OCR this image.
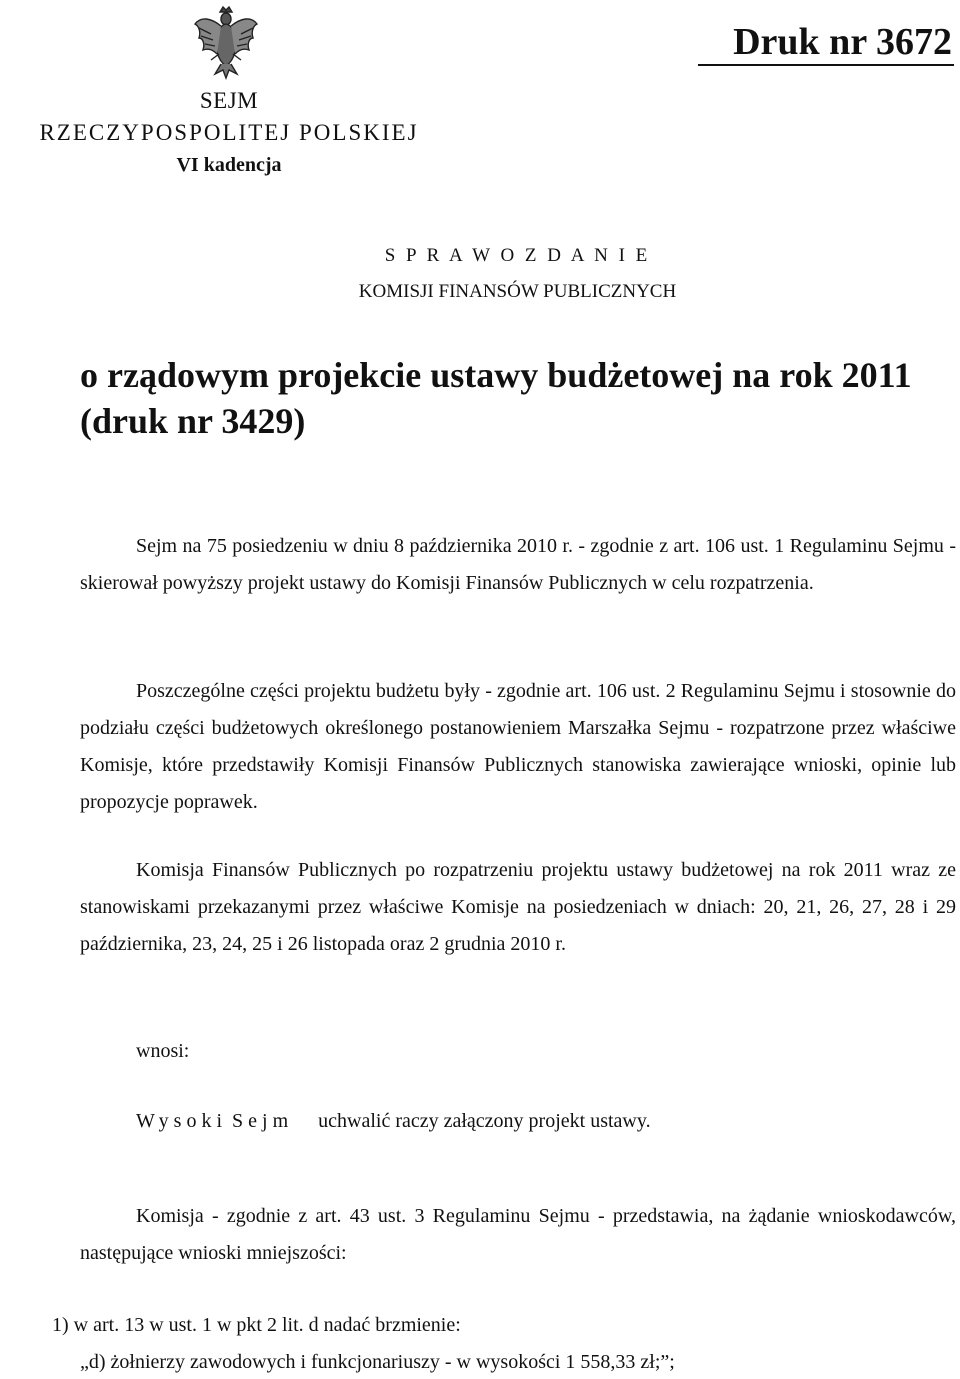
Druk nr 3672
SEJM
RZECZYPOSPOLITEJ POLSKIEJ
VI kadencja
S P R A W O Z D A N I E
KOMISJI FINANSÓW PUBLICZNYCH
o rządowym projekcie ustawy budżetowej na rok 2011 (druk nr 3429)

Sejm na 75 posiedzeniu w dniu 8 października 2010 r. - zgodnie z art. 106 ust. 1 Regulaminu Sejmu - skierował powyższy projekt ustawy do Komisji Finansów Publicznych w celu rozpatrzenia.

Poszczególne części projektu budżetu były - zgodnie art. 106 ust. 2 Regulaminu Sejmu i stosownie do podziału części budżetowych określonego postanowieniem Marszałka Sejmu - rozpatrzone przez właściwe Komisje, które przedstawiły Komisji Finansów Publicznych stanowiska zawierające wnioski, opinie lub propozycje poprawek.

Komisja Finansów Publicznych po rozpatrzeniu projektu ustawy budżetowej na rok 2011 wraz ze stanowiskami przekazanymi przez właściwe Komisje na posiedzeniach w dniach: 20, 21, 26, 27, 28 i 29 października, 23, 24, 25 i 26 listopada oraz 2 grudnia 2010 r.

wnosi:
Wysoki Sejm uchwalić raczy załączony projekt ustawy.

Komisja - zgodnie z art. 43 ust. 3 Regulaminu Sejmu - przedstawia, na żądanie wnioskodawców, następujące wnioski mniejszości:

1) w art. 13 w ust. 1 w pkt 2 lit. d nadać brzmienie:
„d) żołnierzy zawodowych i funkcjonariuszy - w wysokości 1 558,33 zł;”;
